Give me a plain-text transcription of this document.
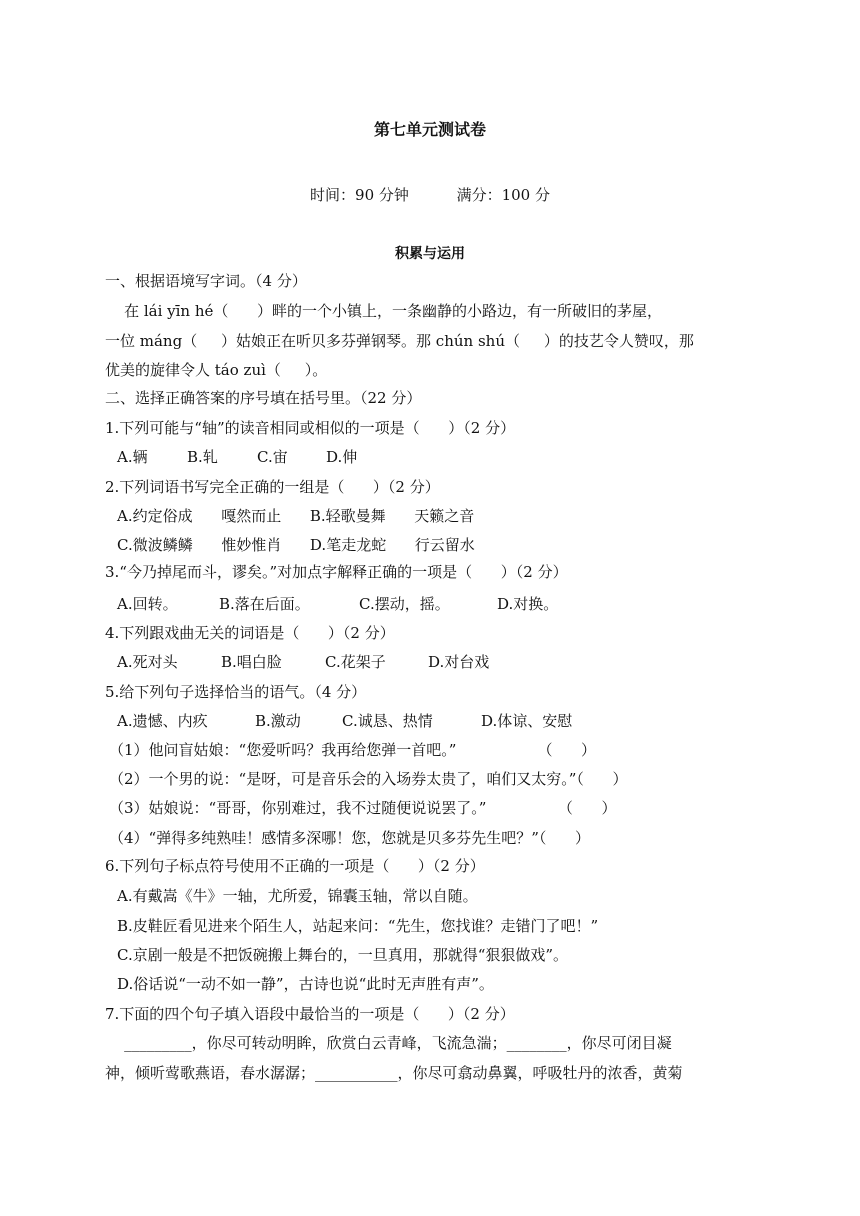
第七单元测试卷
时间：90 分钟          满分：100 分
积累与运用
一、根据语境写字词。（4 分）
在 lái yīn hé（      ）畔的一个小镇上，一条幽静的小路边，有一所破旧的茅屋，
一位 máng（     ）姑娘正在听贝多芬弹钢琴。那 chún shú（     ）的技艺令人赞叹，那
优美的旋律令人 táo zuì（     ）。
二、选择正确答案的序号填在括号里。（22 分）
1.下列可能与“轴”的读音相同或相似的一项是（      ）（2 分）
A.辆	B.轧	C.宙	D.伸
2.下列词语书写完全正确的一组是（      ）（2 分）
A.约定俗成      嘎然而止      B.轻歌曼舞      天籁之音
C.微波鳞鳞      惟妙惟肖      D.笔走龙蛇      行云留水
3.“今乃掉尾而斗，谬矣。”对加点字解释正确的一项是（      ）（2 分）
A.回转。	B.落在后面。	C.摆动，摇。	D.对换。
4.下列跟戏曲无关的词语是（      ）（2 分）
A.死对头	B.唱白脸	C.花架子	D.对台戏
5.给下列句子选择恰当的语气。（4 分）
A.遗憾、内疚	B.激动	C.诚恳、热情	D.体谅、安慰
（1）他问盲姑娘：“您爱听吗？我再给您弹一首吧。”                 （      ）
（2）一个男的说：“是呀，可是音乐会的入场券太贵了，咱们又太穷。”（      ）
（3）姑娘说：“哥哥，你别难过，我不过随便说说罢了。”               （      ）
（4）“弹得多纯熟哇！感情多深哪！您，您就是贝多芬先生吧？”（      ）
6.下列句子标点符号使用不正确的一项是（      ）（2 分）
A.有戴嵩《牛》一轴，尤所爱，锦囊玉轴，常以自随。
B.皮鞋匠看见进来个陌生人，站起来问：“先生，您找谁？走错门了吧！”
C.京剧一般是不把饭碗搬上舞台的，一旦真用，那就得“狠狠做戏”。
D.俗话说“一动不如一静”，古诗也说“此时无声胜有声”。
7.下面的四个句子填入语段中最恰当的一项是（      ）（2 分）
_________，你尽可转动明眸，欣赏白云青峰，飞流急湍；________，你尽可闭目凝
神，倾听莺歌燕语，春水潺潺；___________，你尽可翕动鼻翼，呼吸牡丹的浓香，黄菊
